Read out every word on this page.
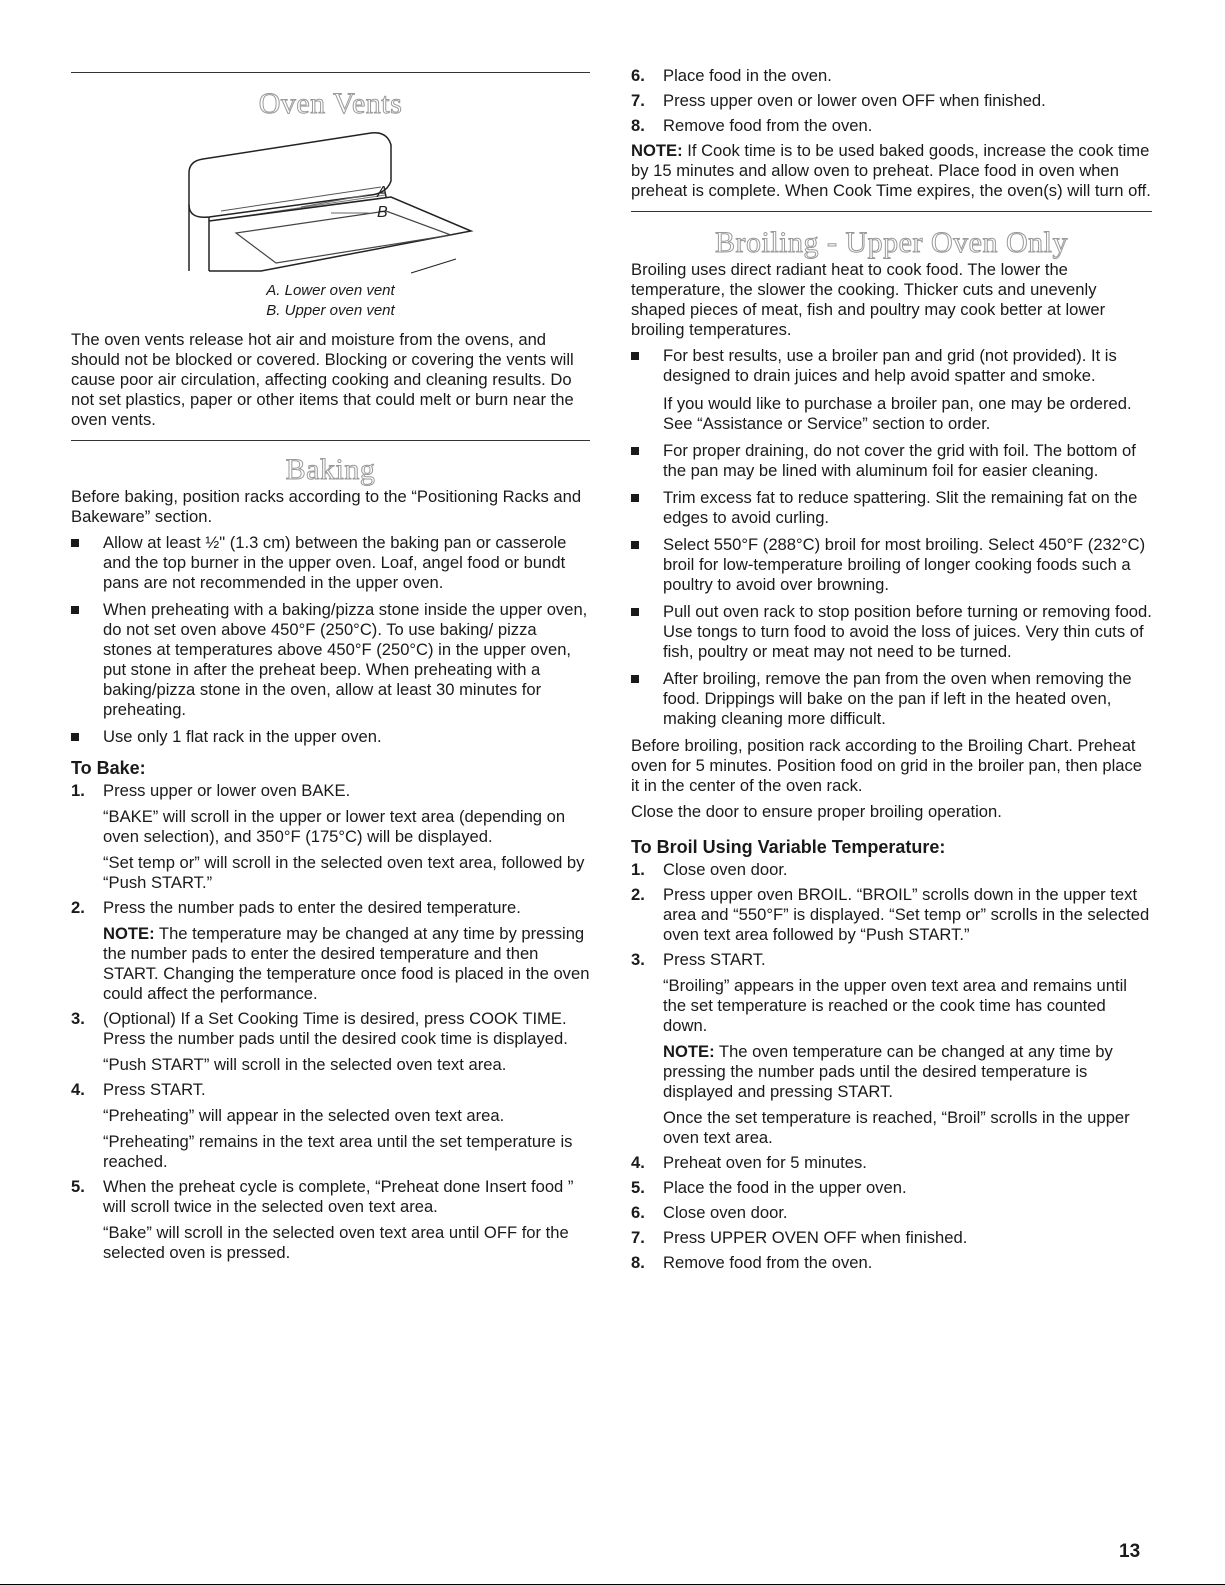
Oven Vents
A
B
A. Lower oven vent
B. Upper oven vent

The oven vents release hot air and moisture from the ovens, and should not be blocked or covered. Blocking or covering the vents will cause poor air circulation, affecting cooking and cleaning results. Do not set plastics, paper or other items that could melt or burn near the oven vents.

Baking

Before baking, position racks according to the “Positioning Racks and Bakeware” section.

Allow at least ½" (1.3 cm) between the baking pan or casserole and the top burner in the upper oven. Loaf, angel food or bundt pans are not recommended in the upper oven.
When preheating with a baking/pizza stone inside the upper oven, do not set oven above 450°F (250°C). To use baking/ pizza stones at temperatures above 450°F (250°C) in the upper oven, put stone in after the preheat beep. When preheating with a baking/pizza stone in the oven, allow at least 30 minutes for preheating.
Use only 1 flat rack in the upper oven.
To Bake:
1. Press upper or lower oven BAKE.
“BAKE” will scroll in the upper or lower text area (depending on oven selection), and 350°F (175°C) will be displayed.
“Set temp or” will scroll in the selected oven text area, followed by “Push START.”
2. Press the number pads to enter the desired temperature.
NOTE: The temperature may be changed at any time by pressing the number pads to enter the desired temperature and then START. Changing the temperature once food is placed in the oven could affect the performance.
3. (Optional) If a Set Cooking Time is desired, press COOK TIME. Press the number pads until the desired cook time is displayed.
“Push START” will scroll in the selected oven text area.
4. Press START.
“Preheating” will appear in the selected oven text area.
“Preheating” remains in the text area until the set temperature is reached.
5. When the preheat cycle is complete, “Preheat done Insert food ” will scroll twice in the selected oven text area.
“Bake” will scroll in the selected oven text area until OFF for the selected oven is pressed.
6. Place food in the oven.
7. Press upper oven or lower oven OFF when finished.
8. Remove food from the oven.

NOTE: If Cook time is to be used baked goods, increase the cook time by 15 minutes and allow oven to preheat. Place food in oven when preheat is complete. When Cook Time expires, the oven(s) will turn off.

Broiling - Upper Oven Only

Broiling uses direct radiant heat to cook food. The lower the temperature, the slower the cooking. Thicker cuts and unevenly shaped pieces of meat, fish and poultry may cook better at lower broiling temperatures.

For best results, use a broiler pan and grid (not provided). It is designed to drain juices and help avoid spatter and smoke.
If you would like to purchase a broiler pan, one may be ordered. See “Assistance or Service” section to order.
For proper draining, do not cover the grid with foil. The bottom of the pan may be lined with aluminum foil for easier cleaning.
Trim excess fat to reduce spattering. Slit the remaining fat on the edges to avoid curling.
Select 550°F (288°C) broil for most broiling. Select 450°F (232°C) broil for low-temperature broiling of longer cooking foods such a poultry to avoid over browning.
Pull out oven rack to stop position before turning or removing food. Use tongs to turn food to avoid the loss of juices. Very thin cuts of fish, poultry or meat may not need to be turned.
After broiling, remove the pan from the oven when removing the food. Drippings will bake on the pan if left in the heated oven, making cleaning more difficult.

Before broiling, position rack according to the Broiling Chart. Preheat oven for 5 minutes. Position food on grid in the broiler pan, then place it in the center of the oven rack.

Close the door to ensure proper broiling operation.

To Broil Using Variable Temperature:
1. Close oven door.
2. Press upper oven BROIL. “BROIL” scrolls down in the upper text area and “550°F” is displayed. “Set temp or” scrolls in the selected oven text area followed by “Push START.”
3. Press START.
“Broiling” appears in the upper oven text area and remains until the set temperature is reached or the cook time has counted down.
NOTE: The oven temperature can be changed at any time by pressing the number pads until the desired temperature is displayed and pressing START.
Once the set temperature is reached, “Broil” scrolls in the upper oven text area.
4. Preheat oven for 5 minutes.
5. Place the food in the upper oven.
6. Close oven door.
7. Press UPPER OVEN OFF when finished.
8. Remove food from the oven.
13
